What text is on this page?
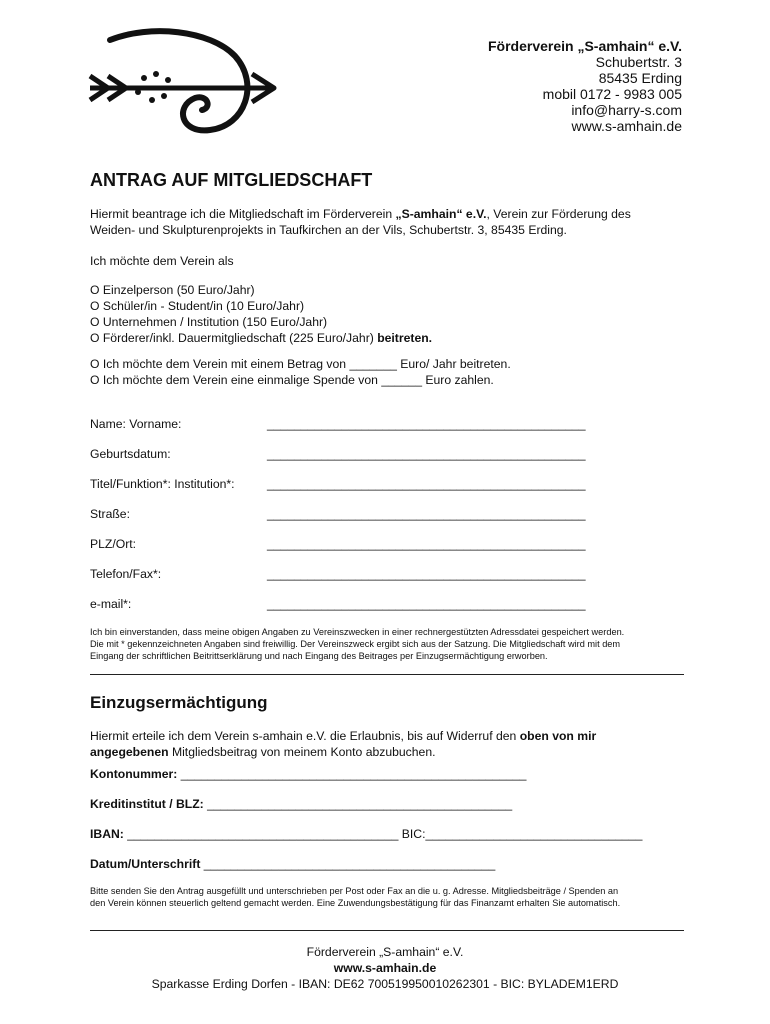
Förderverein „S-amhain“ e.V.
Schubertstr. 3
85435 Erding
mobil 0172 - 9983 005
info@harry-s.com
www.s-amhain.de
ANTRAG AUF MITGLIEDSCHAFT
Hiermit beantrage ich die Mitgliedschaft im Förderverein „S-amhain“ e.V., Verein zur Förderung des
Weiden- und Skulpturenprojekts in Taufkirchen an der Vils, Schubertstr. 3, 85435 Erding.
Ich möchte dem Verein als
O Einzelperson (50 Euro/Jahr)
O Schüler/in - Student/in (10 Euro/Jahr)
O Unternehmen / Institution (150 Euro/Jahr)
O Förderer/inkl. Dauermitgliedschaft (225 Euro/Jahr) beitreten.
O Ich möchte dem Verein mit einem Betrag von _______ Euro/ Jahr beitreten.
O Ich möchte dem Verein eine einmalige Spende von ______ Euro zahlen.
Name: Vorname:	_______________________________________________
Geburtsdatum:	_______________________________________________
Titel/Funktion*: Institution*:	_______________________________________________
Straße:	_______________________________________________
PLZ/Ort:	_______________________________________________
Telefon/Fax*:	_______________________________________________
e-mail*:	_______________________________________________
Ich bin einverstanden, dass meine obigen Angaben zu Vereinszwecken in einer rechnergestützten Adressdatei gespeichert werden.
Die mit * gekennzeichneten Angaben sind freiwillig. Der Vereinszweck ergibt sich aus der Satzung. Die Mitgliedschaft wird mit dem
Eingang der schriftlichen Beitrittserklärung und nach Eingang des Beitrages per Einzugsermächtigung erworben.
Einzugsermächtigung
Hiermit erteile ich dem Verein s-amhain e.V. die Erlaubnis, bis auf Widerruf den oben von mir
angegebenen Mitgliedsbeitrag von meinem Konto abzubuchen.
Kontonummer: ___________________________________________________
Kreditinstitut / BLZ: _____________________________________________
IBAN: ________________________________________ BIC:________________________________
Datum/Unterschrift ___________________________________________
Bitte senden Sie den Antrag ausgefüllt und unterschrieben per Post oder Fax an die u. g. Adresse. Mitgliedsbeiträge / Spenden an
den Verein können steuerlich geltend gemacht werden. Eine Zuwendungsbestätigung für das Finanzamt erhalten Sie automatisch.
Förderverein „S-amhain“ e.V.
www.s-amhain.de
Sparkasse Erding Dorfen - IBAN: DE62 700519950010262301 - BIC: BYLADEM1ERD
